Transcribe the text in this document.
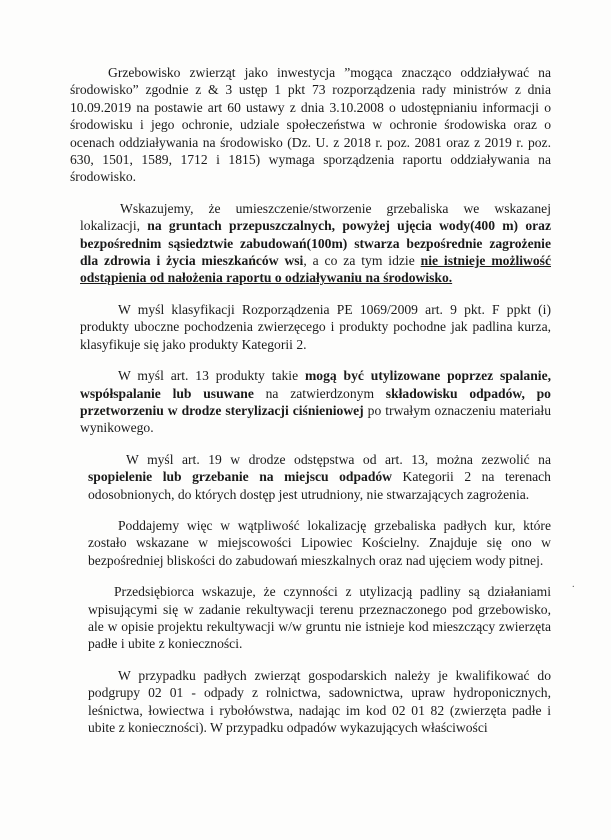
Grzebowisko zwierząt jako inwestycja ”mogąca znacząco oddziaływać na środowisko” zgodnie z & 3 ustęp 1 pkt 73 rozporządzenia rady ministrów z dnia 10.09.2019 na postawie art 60 ustawy z dnia 3.10.2008 o udostępnianiu informacji o środowisku i jego ochronie, udziale społeczeństwa w ochronie środowiska oraz o ocenach oddziaływania na środowisko (Dz. U. z 2018 r. poz. 2081 oraz z 2019 r. poz. 630, 1501, 1589, 1712 i 1815) wymaga sporządzenia raportu oddziaływania na środowisko.

Wskazujemy, że umieszczenie/stworzenie grzebaliska we wskazanej lokalizacji, na gruntach przepuszczalnych, powyżej ujęcia wody(400 m) oraz bezpośrednim sąsiedztwie zabudowań(100m) stwarza bezpośrednie zagrożenie dla zdrowia i życia mieszkańców wsi, a co za tym idzie nie istnieje możliwość odstąpienia od nałożenia raportu o odziaływaniu na środowisko.

W myśl klasyfikacji Rozporządzenia PE 1069/2009 art. 9 pkt. F ppkt (i) produkty uboczne pochodzenia zwierzęcego i produkty pochodne jak padlina kurza, klasyfikuje się jako produkty Kategorii 2.

W myśl art. 13 produkty takie mogą być utylizowane poprzez spalanie, współspalanie lub usuwane na zatwierdzonym składowisku odpadów, po przetworzeniu w drodze sterylizacji ciśnieniowej po trwałym oznaczeniu materiału wynikowego.

W myśl art. 19 w drodze odstępstwa od art. 13, można zezwolić na spopielenie lub grzebanie na miejscu odpadów Kategorii 2 na terenach odosobnionych, do których dostęp jest utrudniony, nie stwarzających zagrożenia.

Poddajemy więc w wątpliwość lokalizację grzebaliska padłych kur, które zostało wskazane w miejscowości Lipowiec Kościelny. Znajduje się ono w bezpośredniej bliskości do zabudowań mieszkalnych oraz nad ujęciem wody pitnej.

Przedsiębiorca wskazuje, że czynności z utylizacją padliny są działaniami wpisującymi się w zadanie rekultywacji terenu przeznaczonego pod grzebowisko, ale w opisie projektu rekultywacji w/w gruntu nie istnieje kod mieszczący zwierzęta padłe i ubite z konieczności.

W przypadku padłych zwierząt gospodarskich należy je kwalifikować do podgrupy 02 01 - odpady z rolnictwa, sadownictwa, upraw hydroponicznych, leśnictwa, łowiectwa i rybołówstwa, nadając im kod 02 01 82 (zwierzęta padłe i ubite z konieczności). W przypadku odpadów wykazujących właściwości

·
